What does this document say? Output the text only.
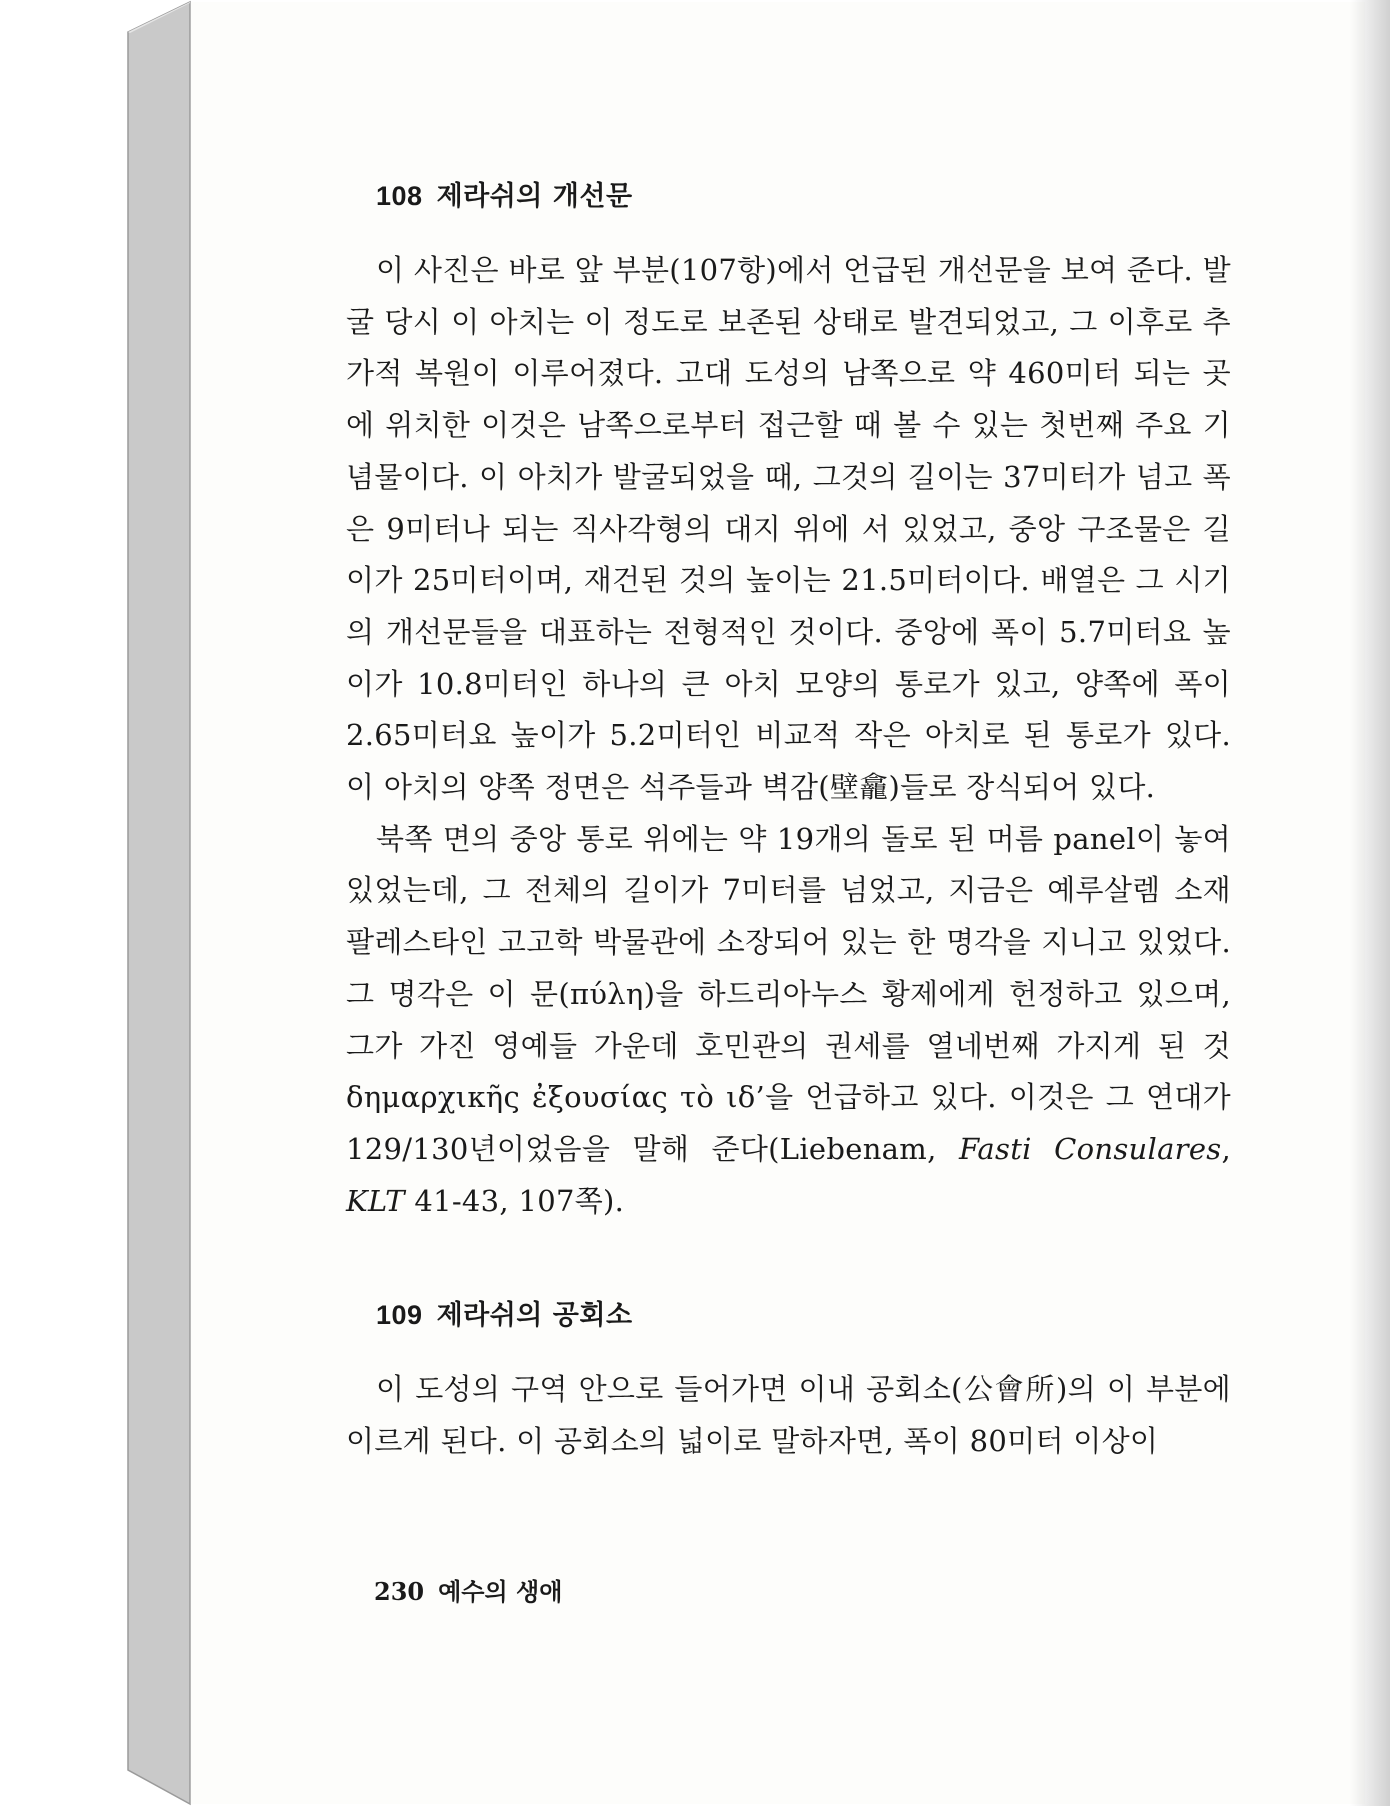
108 제라쉬의 개선문

이 사진은 바로 앞 부분(107항)에서 언급된 개선문을 보여 준다. 발굴 당시 이 아치는 이 정도로 보존된 상태로 발견되었고, 그 이후로 추가적 복원이 이루어졌다. 고대 도성의 남쪽으로 약 460미터 되는 곳에 위치한 이것은 남쪽으로부터 접근할 때 볼 수 있는 첫번째 주요 기념물이다. 이 아치가 발굴되었을 때, 그것의 길이는 37미터가 넘고 폭은 9미터나 되는 직사각형의 대지 위에 서 있었고, 중앙 구조물은 길이가 25미터이며, 재건된 것의 높이는 21.5미터이다. 배열은 그 시기의 개선문들을 대표하는 전형적인 것이다. 중앙에 폭이 5.7미터요 높이가 10.8미터인 하나의 큰 아치 모양의 통로가 있고, 양쪽에 폭이 2.65미터요 높이가 5.2미터인 비교적 작은 아치로 된 통로가 있다. 이 아치의 양쪽 정면은 석주들과 벽감(壁龕)들로 장식되어 있다.

북쪽 면의 중앙 통로 위에는 약 19개의 돌로 된 머름 panel이 놓여 있었는데, 그 전체의 길이가 7미터를 넘었고, 지금은 예루살렘 소재 팔레스타인 고고학 박물관에 소장되어 있는 한 명각을 지니고 있었다. 그 명각은 이 문(πύλη)을 하드리아누스 황제에게 헌정하고 있으며, 그가 가진 영예들 가운데 호민관의 권세를 열네번째 가지게 된 것 δημαρχικῆς ἐξουσίας τὸ ιδ’을 언급하고 있다. 이것은 그 연대가 129/130년이었음을 말해 준다(Liebenam, Fasti Consulares, KLT 41-43, 107쪽).

109 제라쉬의 공회소

이 도성의 구역 안으로 들어가면 이내 공회소(公會所)의 이 부분에 이르게 된다. 이 공회소의 넓이로 말하자면, 폭이 80미터 이상이

230 예수의 생애
